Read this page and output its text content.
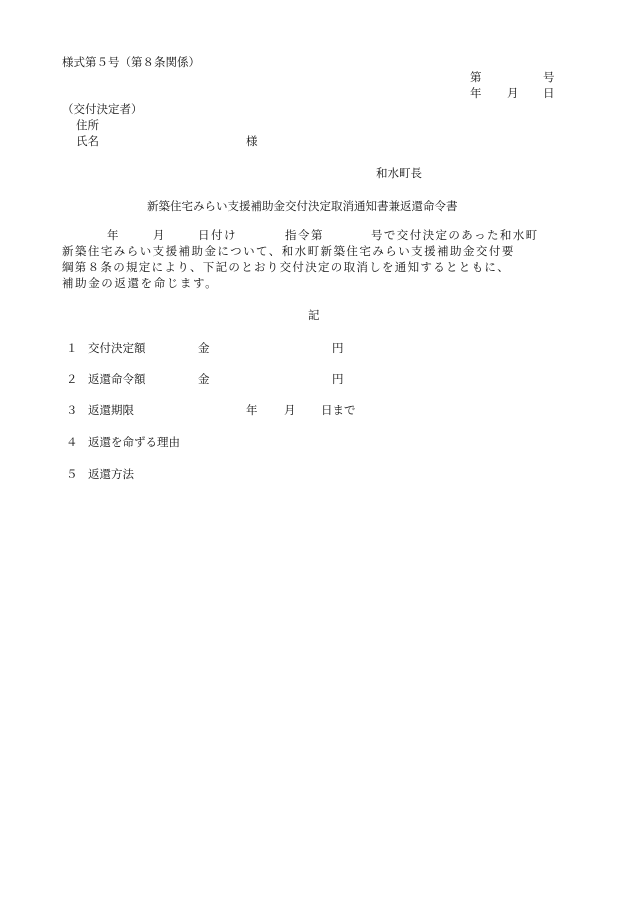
様式第５号（第８条関係）
第	号
年 月 日
（交付決定者）
住所
氏名	様
和水町長
新築住宅みらい支援補助金交付決定取消通知書兼返還命令書
年	月	日付け	指令第	号で交付決定のあった和水町
新築住宅みらい支援補助金について、和水町新築住宅みらい支援補助金交付要
綱第８条の規定により、下記のとおり交付決定の取消しを通知するとともに、
補助金の返還を命じます。
記
１ 交付決定額	金	円
２ 返還命令額	金	円
３ 返還期限	年 月 日まで
４ 返還を命ずる理由
５ 返還方法
